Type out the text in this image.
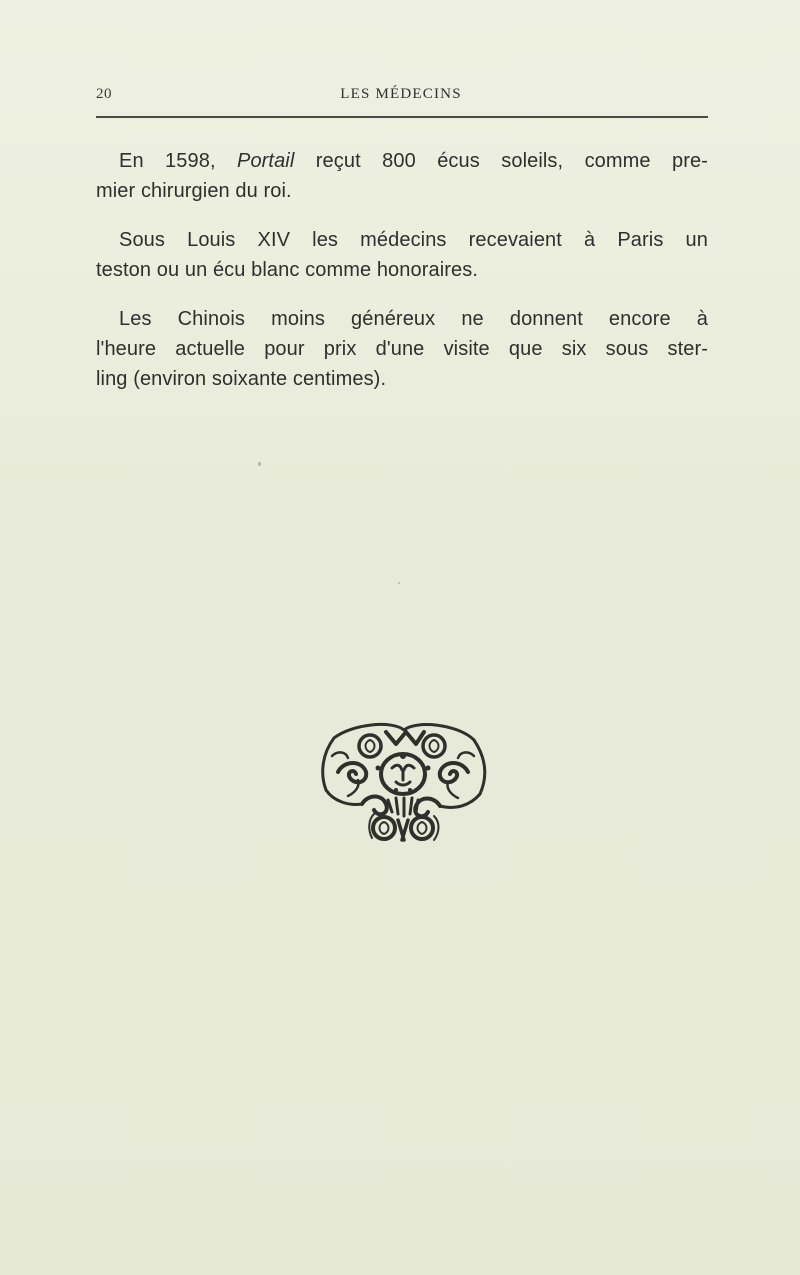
20	LES MÉDECINS

En 1598, Portail reçut 800 écus soleils, comme pre-
mier chirurgien du roi.

Sous Louis XIV les médecins recevaient à Paris un
teston ou un écu blanc comme honoraires.

Les Chinois moins généreux ne donnent encore à
l'heure actuelle pour prix d'une visite que six sous ster-
ling (environ soixante centimes).
